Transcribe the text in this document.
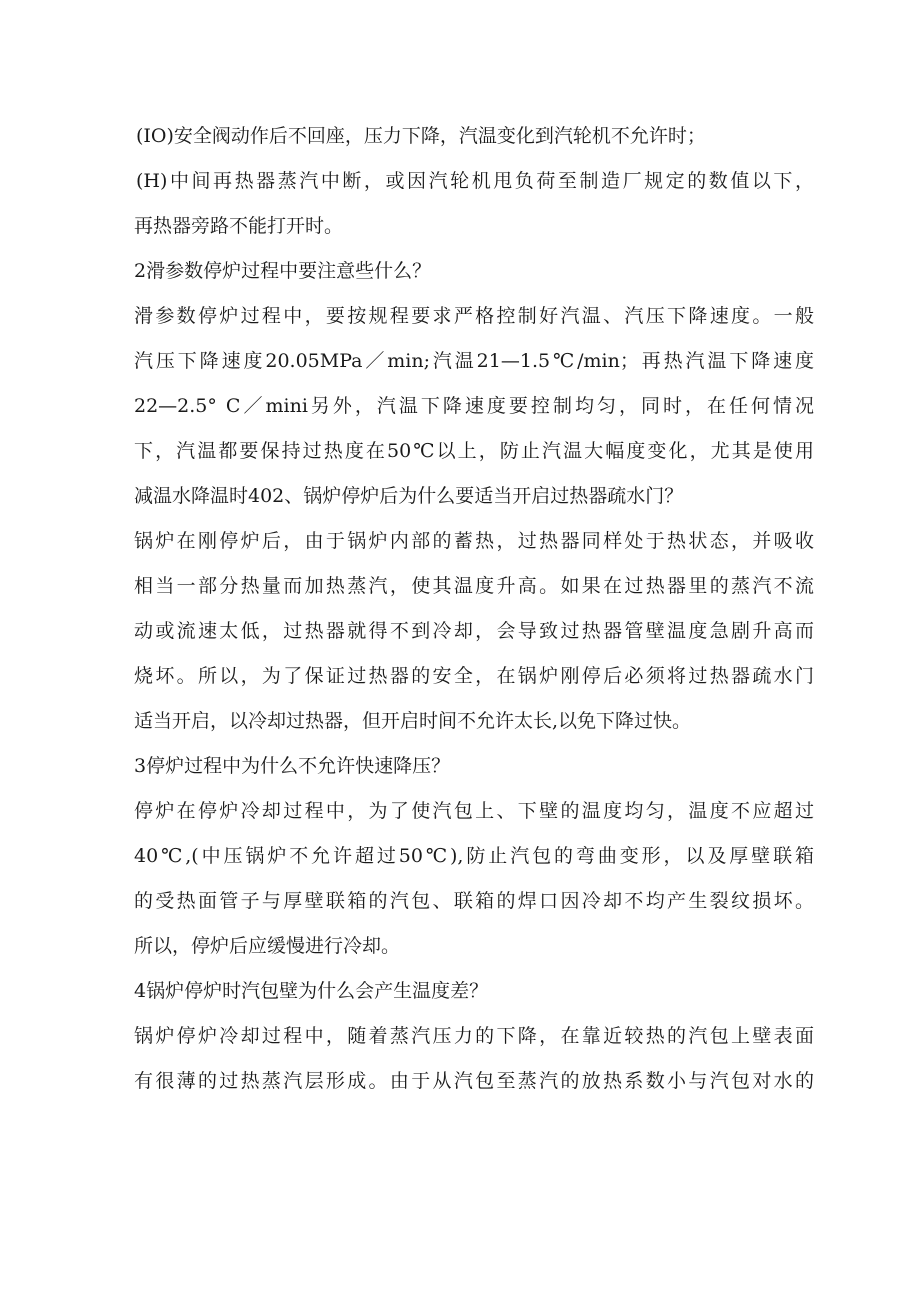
(IO)安全阀动作后不回座，压力下降，汽温变化到汽轮机不允许时；
(H)中间再热器蒸汽中断，或因汽轮机甩负荷至制造厂规定的数值以下，
再热器旁路不能打开时。
2滑参数停炉过程中要注意些什么？
滑参数停炉过程中，要按规程要求严格控制好汽温、汽压下降速度。一般
汽压下降速度20.05MPa／min;汽温21—1.5℃/min；再热汽温下降速度
22—2.5° C／mini另外，汽温下降速度要控制均匀，同时，在任何情况
下，汽温都要保持过热度在50℃以上，防止汽温大幅度变化，尤其是使用
减温水降温时402、锅炉停炉后为什么要适当开启过热器疏水门？
锅炉在刚停炉后，由于锅炉内部的蓄热，过热器同样处于热状态，并吸收
相当一部分热量而加热蒸汽，使其温度升高。如果在过热器里的蒸汽不流
动或流速太低，过热器就得不到冷却，会导致过热器管壁温度急剧升高而
烧坏。所以，为了保证过热器的安全，在锅炉刚停后必须将过热器疏水门
适当开启，以冷却过热器，但开启时间不允许太长,以免下降过快。
3停炉过程中为什么不允许快速降压？
停炉在停炉冷却过程中，为了使汽包上、下壁的温度均匀，温度不应超过
40℃,(中压锅炉不允许超过50℃),防止汽包的弯曲变形，以及厚壁联箱
的受热面管子与厚壁联箱的汽包、联箱的焊口因冷却不均产生裂纹损坏。
所以，停炉后应缓慢进行冷却。
4锅炉停炉时汽包壁为什么会产生温度差？
锅炉停炉冷却过程中，随着蒸汽压力的下降，在靠近较热的汽包上壁表面
有很薄的过热蒸汽层形成。由于从汽包至蒸汽的放热系数小与汽包对水的
